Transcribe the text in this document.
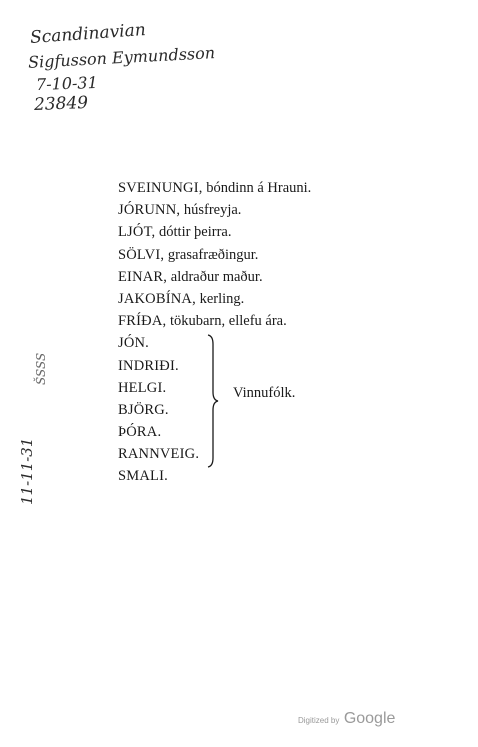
Scandinavian
Sigfusson Eymundsson
7-10-31
23849
11-11-31
ŠSSS
SVEINUNGI, bóndinn á Hrauni.
JÓRUNN, húsfreyja.
LJÓT, dóttir þeirra.
SÖLVI, grasafræðingur.
EINAR, aldraður maður.
JAKOBÍNA, kerling.
FRÍÐA, tökubarn, ellefu ára.
JÓN.
INDRIÐI.
HELGI.
BJÖRG.
ÞÓRA.
RANNVEIG.
SMALI.
Vinnufólk.
Digitized by Google
